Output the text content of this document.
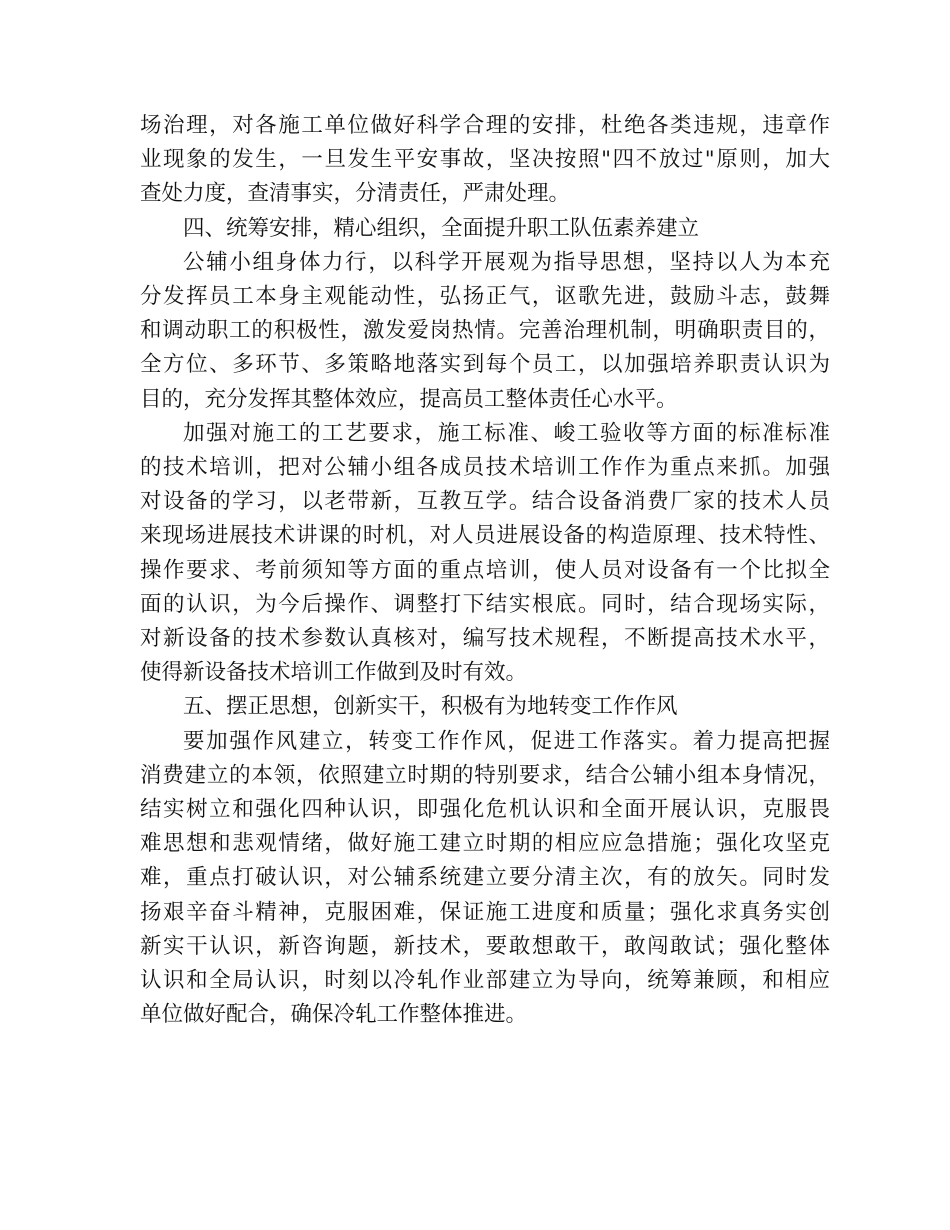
场治理，对各施工单位做好科学合理的安排，杜绝各类违规，违章作
业现象的发生，一旦发生平安事故，坚决按照"四不放过"原则，加大
查处力度，查清事实，分清责任，严肃处理。
四、统筹安排，精心组织，全面提升职工队伍素养建立
公辅小组身体力行，以科学开展观为指导思想，坚持以人为本充
分发挥员工本身主观能动性，弘扬正气，讴歌先进，鼓励斗志，鼓舞
和调动职工的积极性，激发爱岗热情。完善治理机制，明确职责目的，
全方位、多环节、多策略地落实到每个员工，以加强培养职责认识为
目的，充分发挥其整体效应，提高员工整体责任心水平。
加强对施工的工艺要求，施工标准、峻工验收等方面的标准标准
的技术培训，把对公辅小组各成员技术培训工作作为重点来抓。加强
对设备的学习，以老带新，互教互学。结合设备消费厂家的技术人员
来现场进展技术讲课的时机，对人员进展设备的构造原理、技术特性、
操作要求、考前须知等方面的重点培训，使人员对设备有一个比拟全
面的认识，为今后操作、调整打下结实根底。同时，结合现场实际，
对新设备的技术参数认真核对，编写技术规程，不断提高技术水平，
使得新设备技术培训工作做到及时有效。
五、摆正思想，创新实干，积极有为地转变工作作风
要加强作风建立，转变工作作风，促进工作落实。着力提高把握
消费建立的本领，依照建立时期的特别要求，结合公辅小组本身情况，
结实树立和强化四种认识，即强化危机认识和全面开展认识，克服畏
难思想和悲观情绪，做好施工建立时期的相应应急措施；强化攻坚克
难，重点打破认识，对公辅系统建立要分清主次，有的放矢。同时发
扬艰辛奋斗精神，克服困难，保证施工进度和质量；强化求真务实创
新实干认识，新咨询题，新技术，要敢想敢干，敢闯敢试；强化整体
认识和全局认识，时刻以冷轧作业部建立为导向，统筹兼顾，和相应
单位做好配合，确保冷轧工作整体推进。
